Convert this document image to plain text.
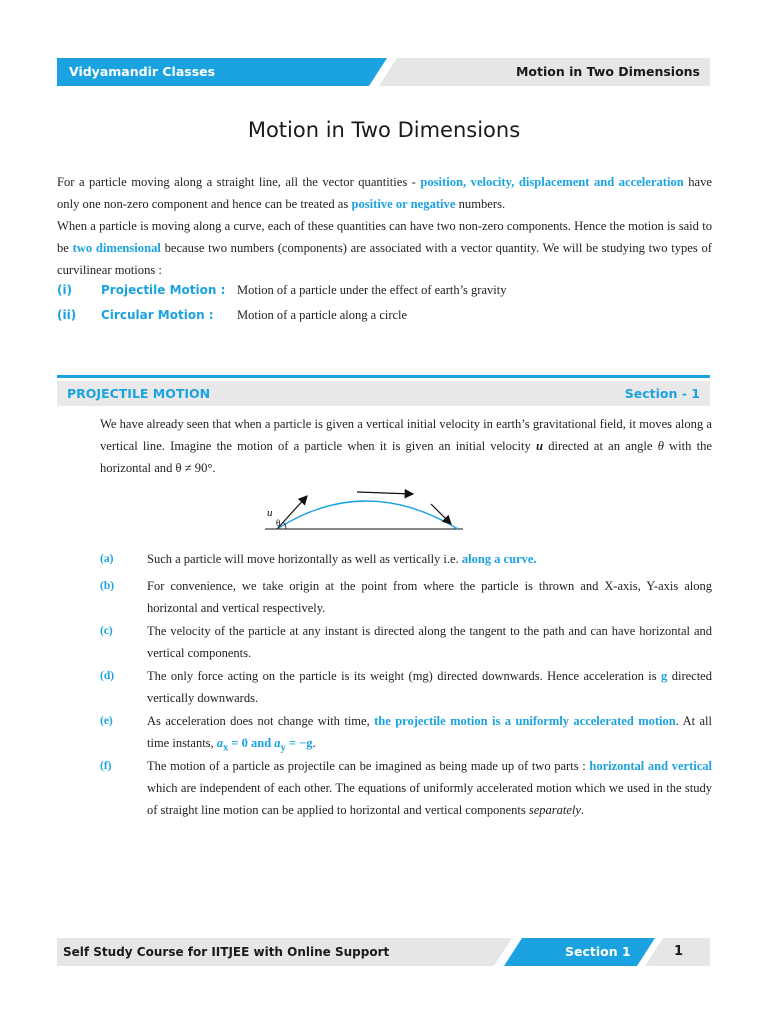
Vidyamandir Classes	Motion in Two Dimensions
Motion in Two Dimensions
For a particle moving along a straight line, all the vector quantities - position, velocity, displacement and acceleration have only one non-zero component and hence can be treated as positive or negative numbers.
When a particle is moving along a curve, each of these quantities can have two non-zero components. Hence the motion is said to be two dimensional because two numbers (components) are associated with a vector quantity. We will be studying two types of curvilinear motions :
(i) Projectile Motion : Motion of a particle under the effect of earth’s gravity
(ii) Circular Motion : Motion of a particle along a circle
PROJECTILE MOTION	Section - 1
We have already seen that when a particle is given a vertical initial velocity in earth’s gravitational field, it moves along a vertical line. Imagine the motion of a particle when it is given an initial velocity u directed at an angle θ with the horizontal and θ ≠ 90°.
u
θ
(a)	Such a particle will move horizontally as well as vertically i.e. along a curve.
(b)	For convenience, we take origin at the point from where the particle is thrown and X-axis, Y-axis along horizontal and vertical respectively.
(c)	The velocity of the particle at any instant is directed along the tangent to the path and can have horizontal and vertical components.
(d)	The only force acting on the particle is its weight (mg) directed downwards. Hence acceleration is g directed vertically downwards.
(e)	As acceleration does not change with time, the projectile motion is a uniformly accelerated motion. At all time instants, $a_x = 0$ and $a_y = -g$.
(f)	The motion of a particle as projectile can be imagined as being made up of two parts : horizontal and vertical which are independent of each other. The equations of uniformly accelerated motion which we used in the study of straight line motion can be applied to horizontal and vertical components separately.
Self Study Course for IITJEE with Online Support	Section 1	1
